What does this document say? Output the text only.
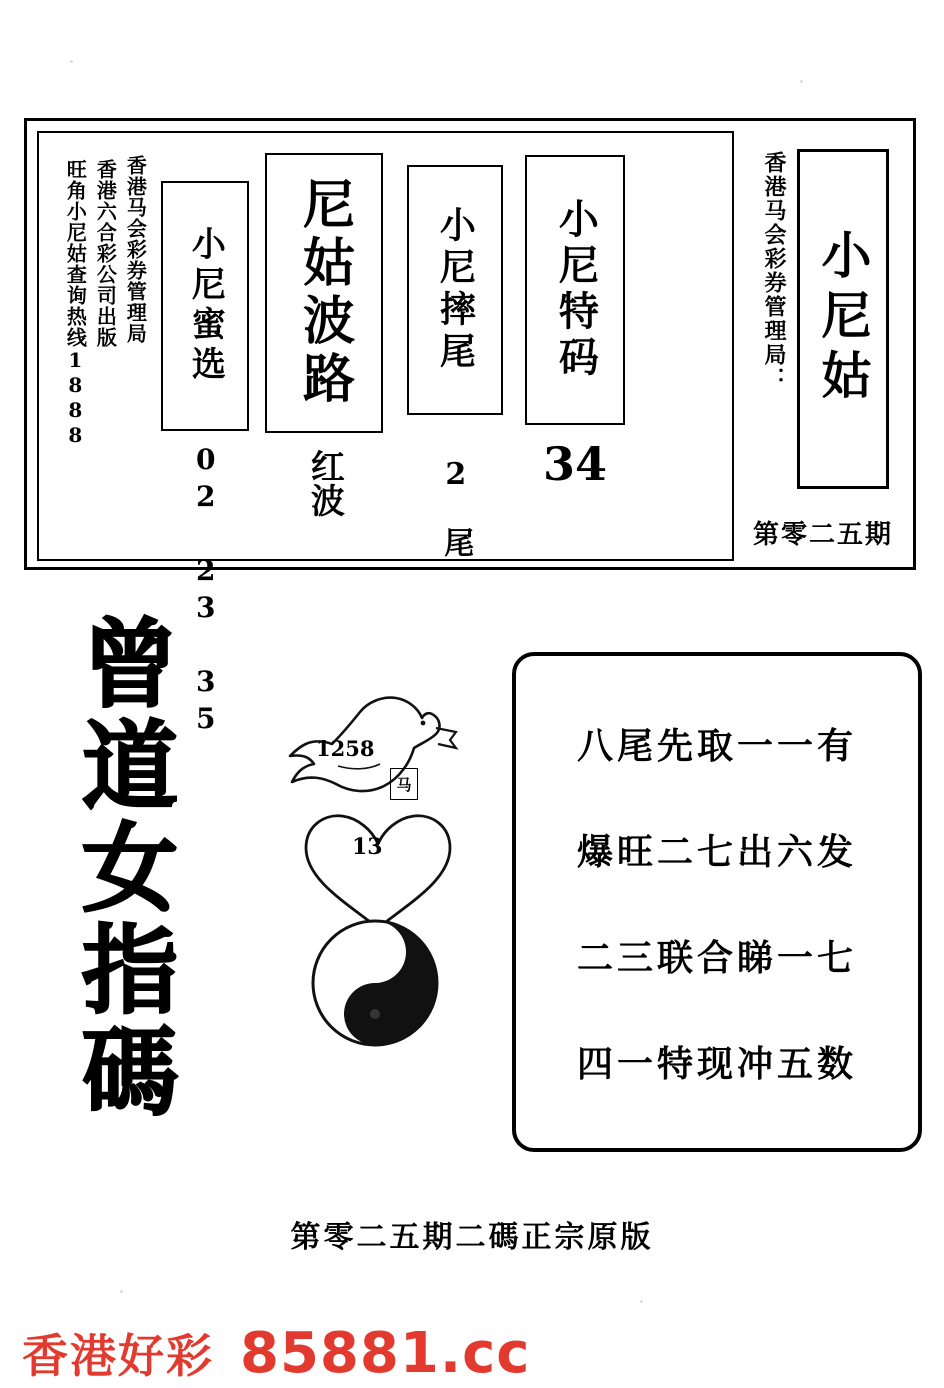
小尼姑
香港马会彩券管理局：
第零二五期
小尼特码
34
小尼摔尾
2 尾
尼姑波路
红波
小尼蜜选
02 23 35
香港马会彩券管理局
香港六合彩公司出版
旺角小尼姑查询热线1888
曾
道
女
指
碼
1258
马
13
23
八尾先取一一有
爆旺二七出六发
二三联合睇一七
四一特现冲五数
第零二五期二碼正宗原版
香港好彩 85881.cc
